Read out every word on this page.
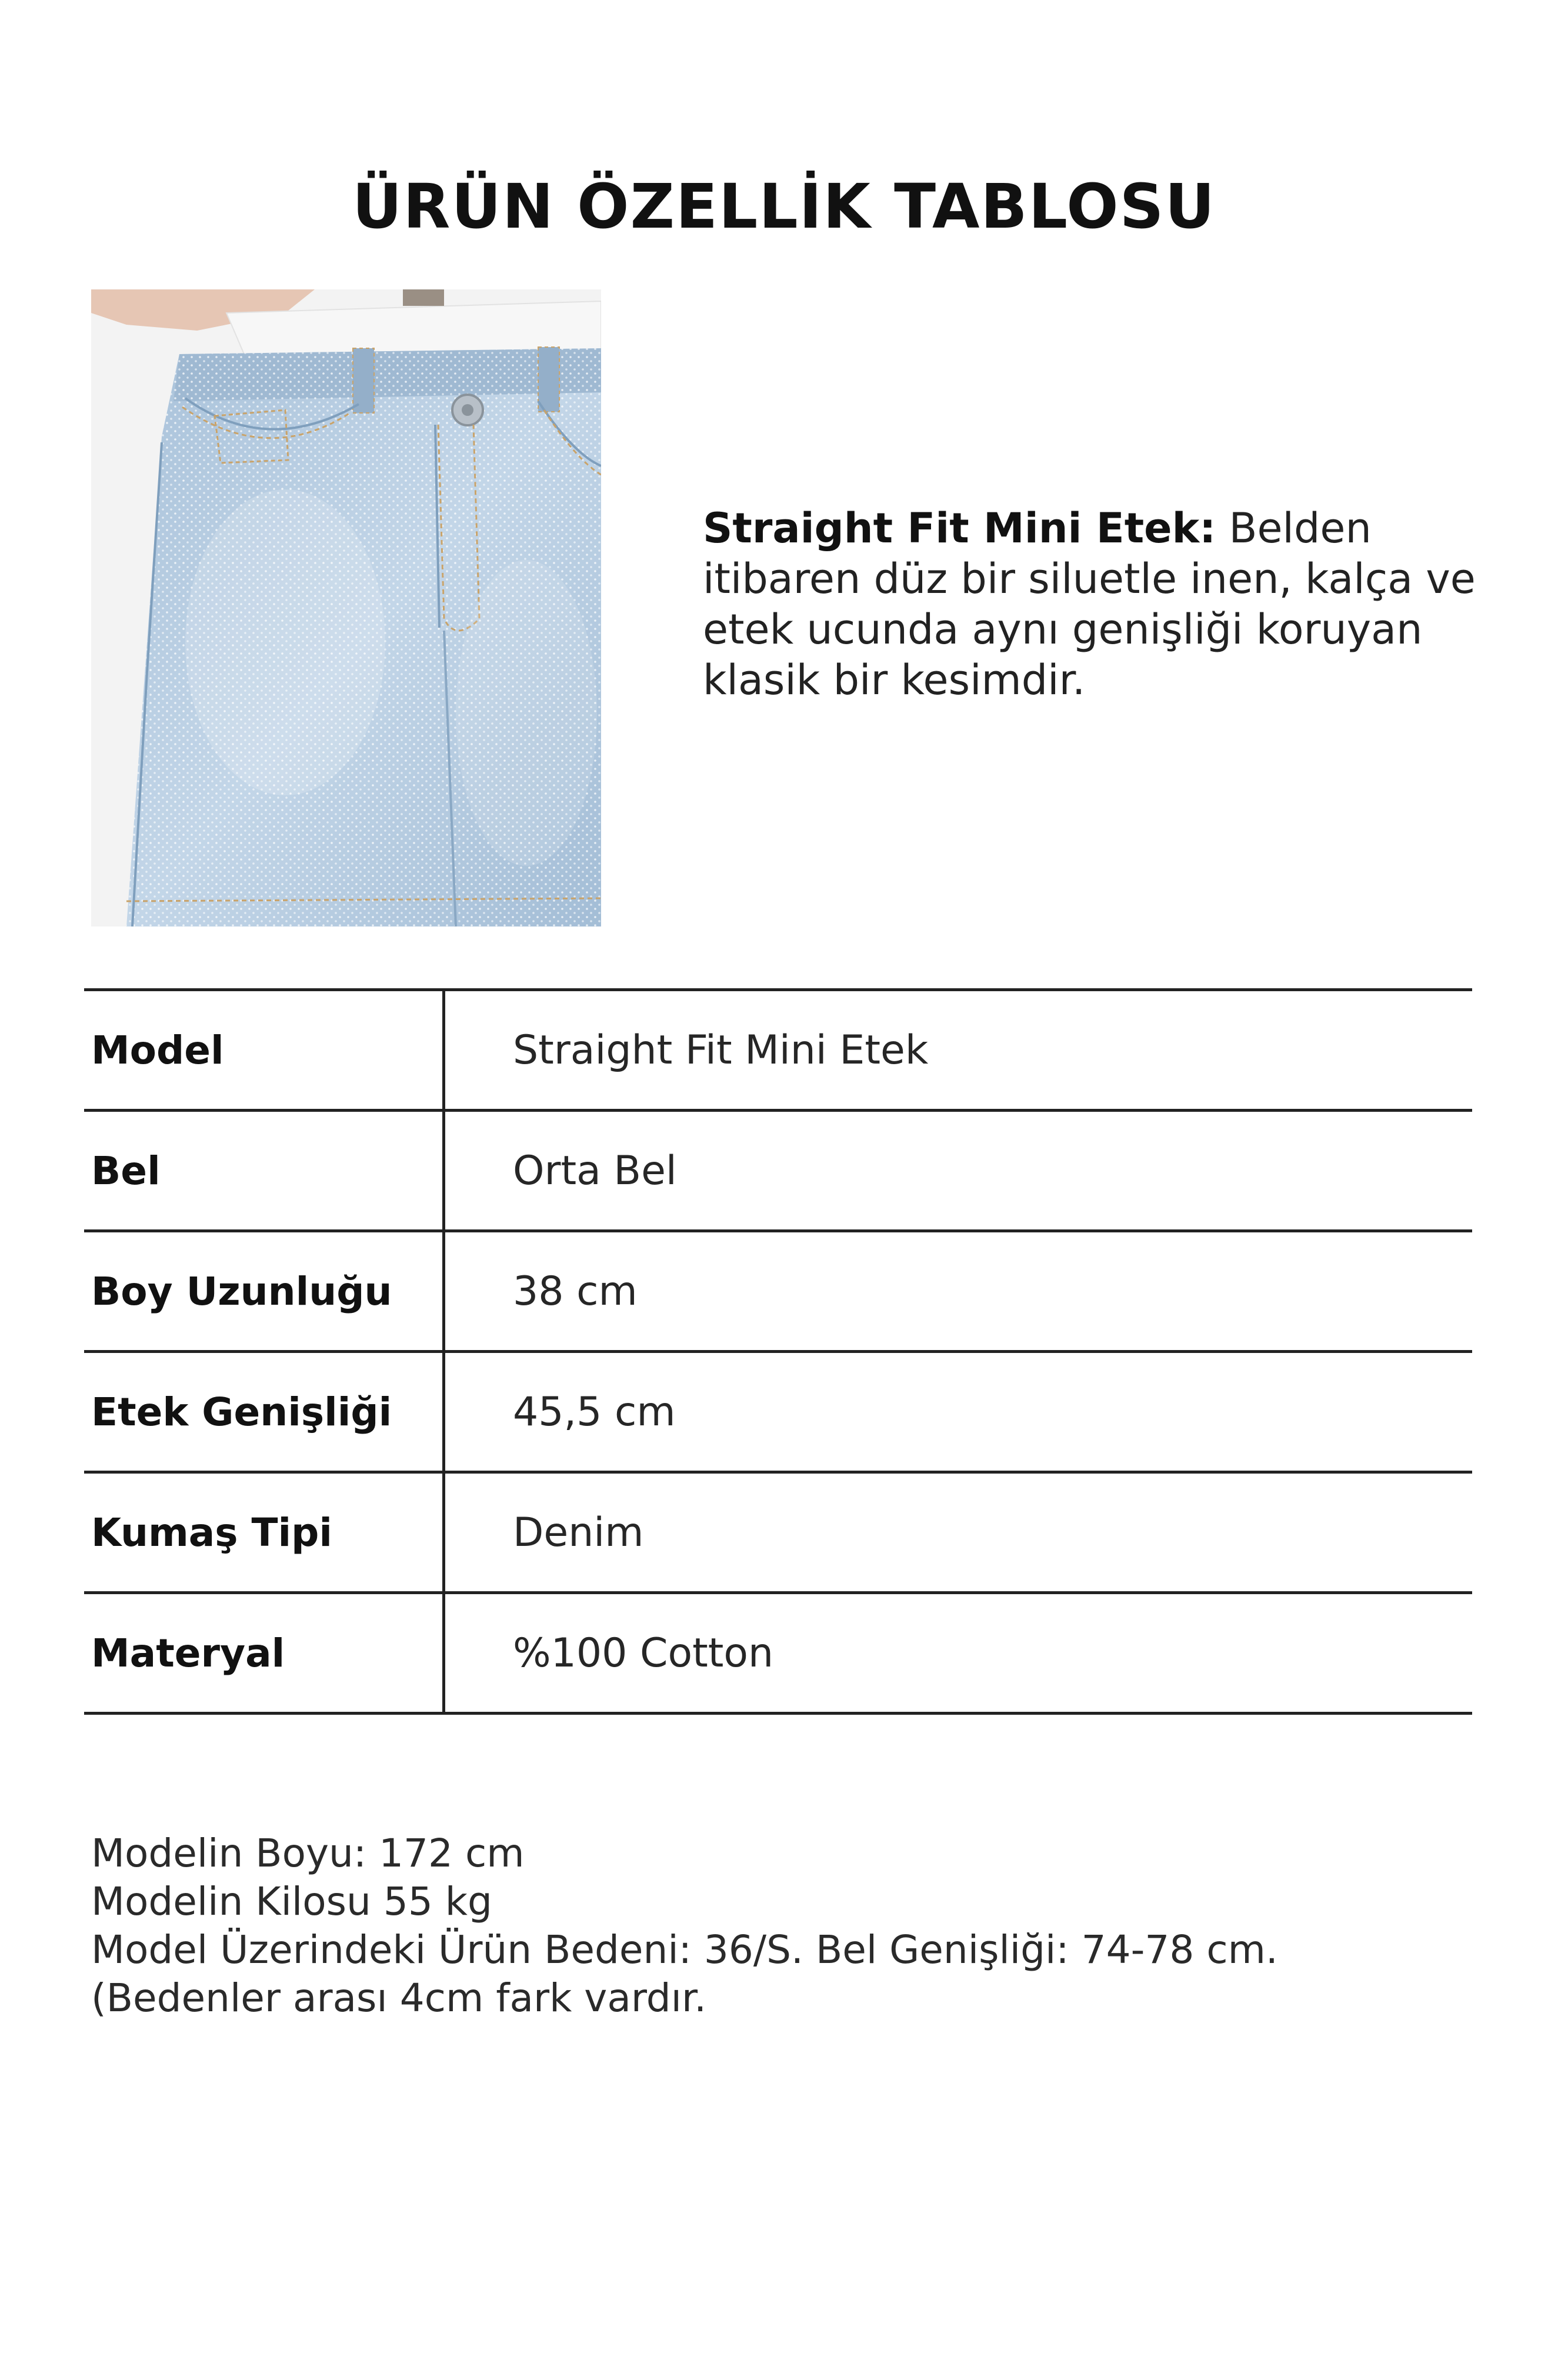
ÜRÜN ÖZELLİK TABLOSU

Straight Fit Mini Etek: Belden itibaren düz bir siluetle inen, kalça ve etek ucunda aynı genişliği koruyan klasik bir kesimdir.

Model	Straight Fit Mini Etek
Bel	Orta Bel
Boy Uzunluğu	38 cm
Etek Genişliği	45,5 cm
Kumaş Tipi	Denim
Materyal	%100 Cotton
Modelin Boyu: 172 cm
Modelin Kilosu 55 kg
Model Üzerindeki Ürün Bedeni: 36/S. Bel Genişliği: 74-78 cm. (Bedenler arası 4cm fark vardır.
